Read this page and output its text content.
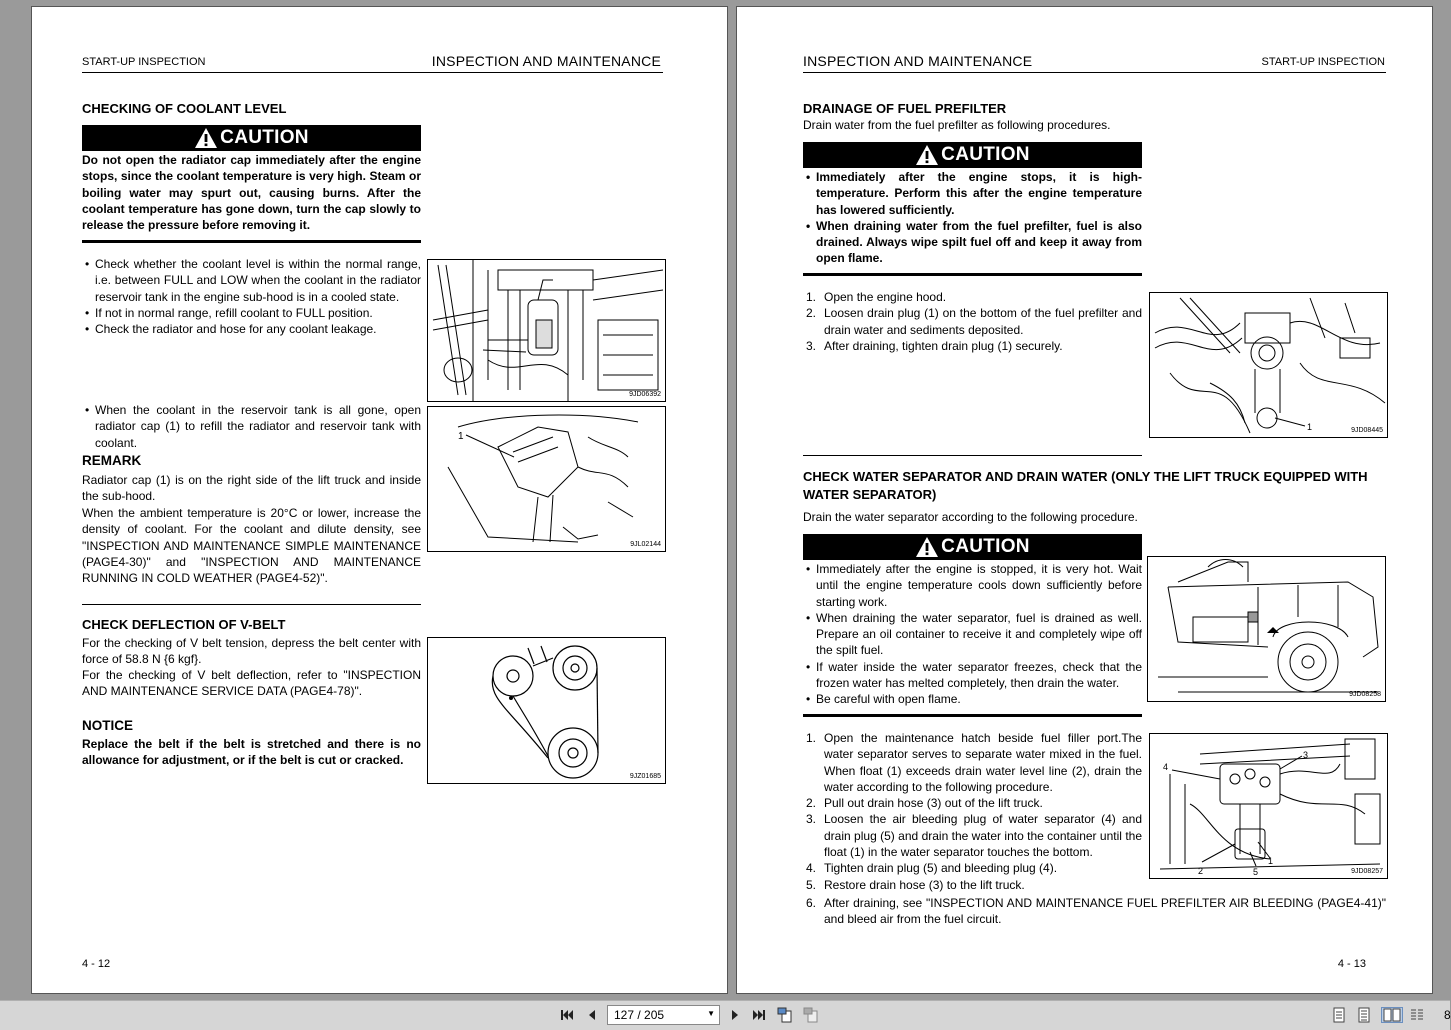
START-UP INSPECTION	INSPECTION AND MAINTENANCE
CHECKING OF COOLANT LEVEL
CAUTION
Do not open the radiator cap immediately after the engine stops, since the coolant temperature is very high. Steam or boiling water may spurt out, causing burns. After the coolant temperature has gone down, turn the cap slowly to release the pressure before removing it.
• Check whether the coolant level is within the normal range, i.e. between FULL and LOW when the coolant in the radiator reservoir tank in the engine sub-hood is in a cooled state.
• If not in normal range, refill coolant to FULL position.
• Check the radiator and hose for any coolant leakage.
9JD06392
• When the coolant in the reservoir tank is all gone, open radiator cap (1) to refill the radiator and reservoir tank with coolant.	1
9JL02144
REMARK
Radiator cap (1) is on the right side of the lift truck and inside the sub-hood.
When the ambient temperature is 20°C or lower, increase the density of coolant. For the coolant and dilute density, see "INSPECTION AND MAINTENANCE SIMPLE MAINTENANCE (PAGE4-30)" and "INSPECTION AND MAINTENANCE RUNNING IN COLD WEATHER (PAGE4-52)".
CHECK DEFLECTION OF V-BELT
For the checking of V belt tension, depress the belt center with force of 58.8 N {6 kgf}.
For the checking of V belt deflection, refer to "INSPECTION AND MAINTENANCE SERVICE DATA (PAGE4-78)".
9JZ01685
NOTICE
Replace the belt if the belt is stretched and there is no allowance for adjustment, or if the belt is cut or cracked.
4 - 12
INSPECTION AND MAINTENANCE	START-UP INSPECTION
DRAINAGE OF FUEL PREFILTER
Drain water from the fuel prefilter as following procedures.
CAUTION
• Immediately after the engine stops, it is high-temperature. Perform this after the engine temperature has lowered sufficiently.
• When draining water from the fuel prefilter, fuel is also drained. Always wipe spilt fuel off and keep it away from open flame.
1. Open the engine hood.
2. Loosen drain plug (1) on the bottom of the fuel prefilter and drain water and sediments deposited.
3. After draining, tighten drain plug (1) securely.
1	9JD08445
CHECK WATER SEPARATOR AND DRAIN WATER (ONLY THE LIFT TRUCK EQUIPPED WITH WATER SEPARATOR)
Drain the water separator according to the following procedure.
CAUTION
• Immediately after the engine is stopped, it is very hot. Wait until the engine temperature cools down sufficiently before starting work.
• When draining the water separator, fuel is drained as well. Prepare an oil container to receive it and completely wipe off the spilt fuel.
• If water inside the water separator freezes, check that the frozen water has melted completely, then drain the water.
• Be careful with open flame.	9JD08258
1. Open the maintenance hatch beside fuel filler port.The water separator serves to separate water mixed in the fuel. When float (1) exceeds drain water level line (2), drain the water according to the following procedure.
2. Pull out drain hose (3) out of the lift truck.
3. Loosen the air bleeding plug of water separator (4) and drain plug (5) and drain the water into the container until the float (1) in the water separator touches the bottom.
4. Tighten drain plug (5) and bleeding plug (4).
5. Restore drain hose (3) to the lift truck.
6. After draining, see "INSPECTION AND MAINTENANCE FUEL PREFILTER AIR BLEEDING (PAGE4-41)" and bleed air from the fuel circuit.
4
3
2	5
1
9JD08257
4 - 13
127 / 205	▼	8
